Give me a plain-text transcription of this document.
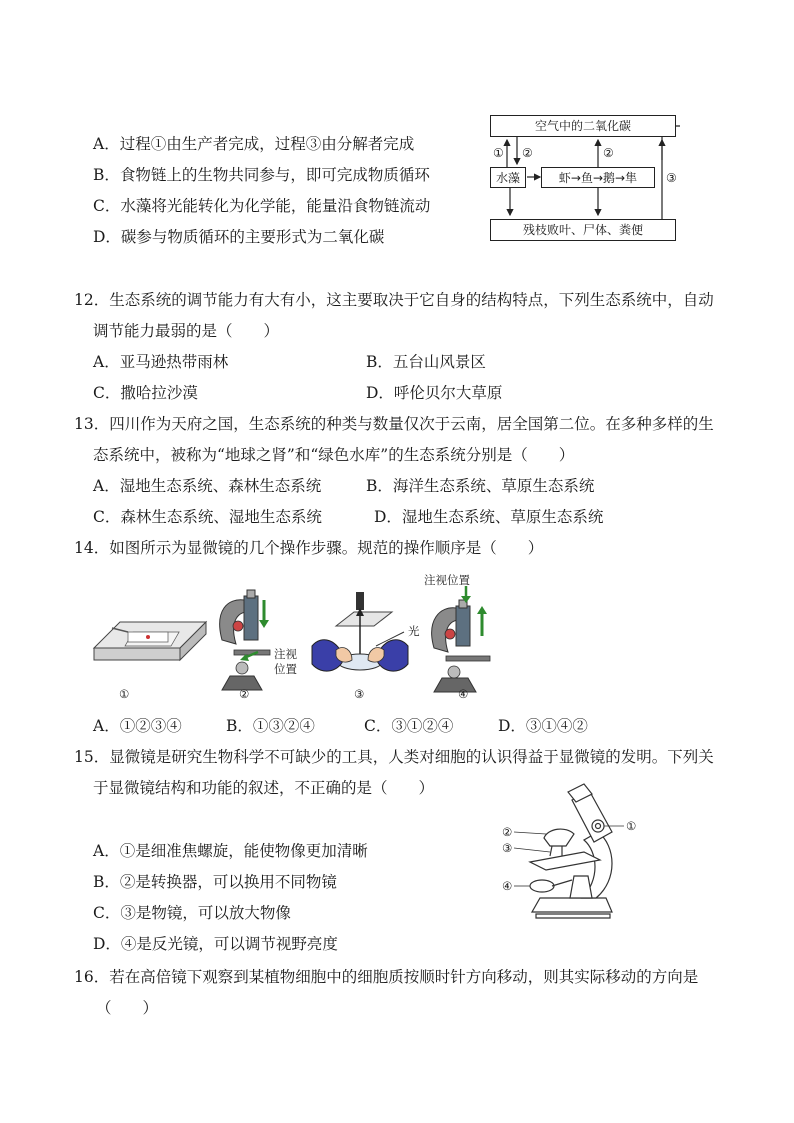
A．过程①由生产者完成，过程③由分解者完成
B．食物链上的生物共同参与，即可完成物质循环
C．水藻将光能转化为化学能，能量沿食物链流动
D．碳参与物质循环的主要形式为二氧化碳
空气中的二氧化碳
水藻	虾→鱼→鹅→隼
残枝败叶、尸体、粪便
① ②	②
③
12．生态系统的调节能力有大有小，这主要取决于它自身的结构特点，下列生态系统中，自动
调节能力最弱的是（　　）
A．亚马逊热带雨林	B．五台山风景区
C．撒哈拉沙漠	D．呼伦贝尔大草原
13．四川作为天府之国，生态系统的种类与数量仅次于云南，居全国第二位。在多种多样的生
态系统中，被称为“地球之肾”和“绿色水库”的生态系统分别是（　　）
A．湿地生态系统、森林生态系统	B．海洋生态系统、草原生态系统
C．森林生态系统、湿地生态系统	D．湿地生态系统、草原生态系统
14．如图所示为显微镜的几个操作步骤。规范的操作顺序是（　　）
注视位置
注视
位置
光
①	②	③	④
A．①②③④	B．①③②④	C．③①②④	D．③①④②
15．显微镜是研究生物科学不可缺少的工具，人类对细胞的认识得益于显微镜的发明。下列关
于显微镜结构和功能的叙述，不正确的是（　　）
A．①是细准焦螺旋，能使物像更加清晰
B．②是转换器，可以换用不同物镜
C．③是物镜，可以放大物像
D．④是反光镜，可以调节视野亮度
①
②
③
④
16．若在高倍镜下观察到某植物细胞中的细胞质按顺时针方向移动，则其实际移动的方向是
（　　）
